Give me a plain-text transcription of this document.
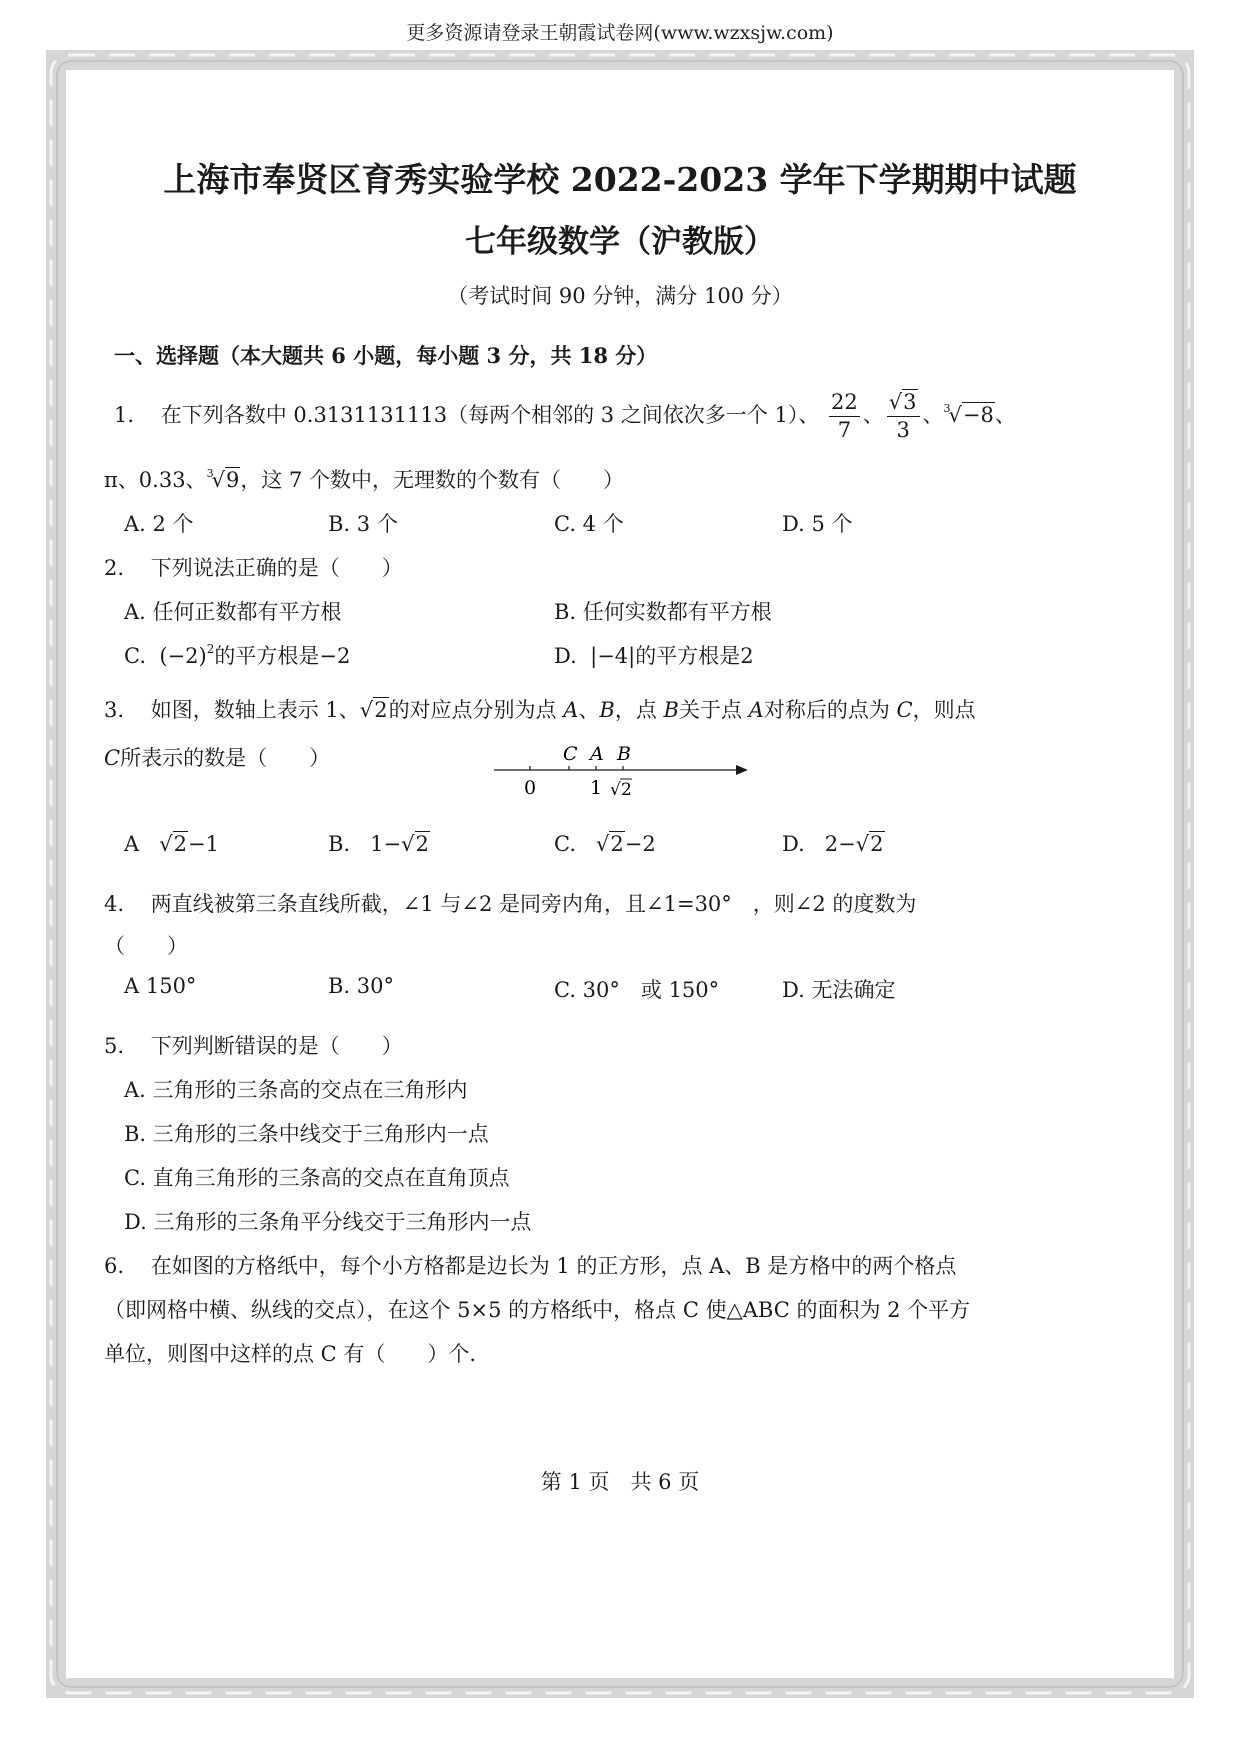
更多资源请登录王朝霞试卷网(www.wzxsjw.com)
上海市奉贤区育秀实验学校 2022-2023 学年下学期期中试题
七年级数学（沪教版）
（考试时间 90 分钟，满分 100 分）
一、选择题（本大题共 6 小题，每小题 3 分，共 18 分）
1. 在下列各数中 0.3131131113（每两个相邻的 3 之间依次多一个 1）、 $\frac{22}{7}$ 、 $\frac{√3}{3}$ 、$^3$√−8、
π、0.33、$^3$√9，这 7 个数中，无理数的个数有（　　）
A. 2 个	B. 3 个	C. 4 个	D. 5 个
2. 下列说法正确的是（　　）
A. 任何正数都有平方根	B. 任何实数都有平方根
C. $(-2)^2$的平方根是−2	D. |−4|的平方根是2
3. 如图，数轴上表示 1、√2的对应点分别为点 A、B，点 B关于点 A对称后的点为 C，则点
C所表示的数是（　　）	C A B
0	1 √ 2
A   √2−1	B. 1−√2	C.   √2−2	D. 2−√2
4. 两直线被第三条直线所截，∠1 与∠2 是同旁内角，且∠1=30°　，则∠2 的度数为
（　　）
A 150°	B. 30°	C. 30°　或 150°	D. 无法确定
5. 下列判断错误的是（　　）
A. 三角形的三条高的交点在三角形内
B. 三角形的三条中线交于三角形内一点
C. 直角三角形的三条高的交点在直角顶点
D. 三角形的三条角平分线交于三角形内一点
6. 在如图的方格纸中，每个小方格都是边长为 1 的正方形，点 A、B 是方格中的两个格点
（即网格中横、纵线的交点），在这个 5×5 的方格纸中，格点 C 使△ABC 的面积为 2 个平方
单位，则图中这样的点 C 有（　　）个.
第 1 页　共 6 页
